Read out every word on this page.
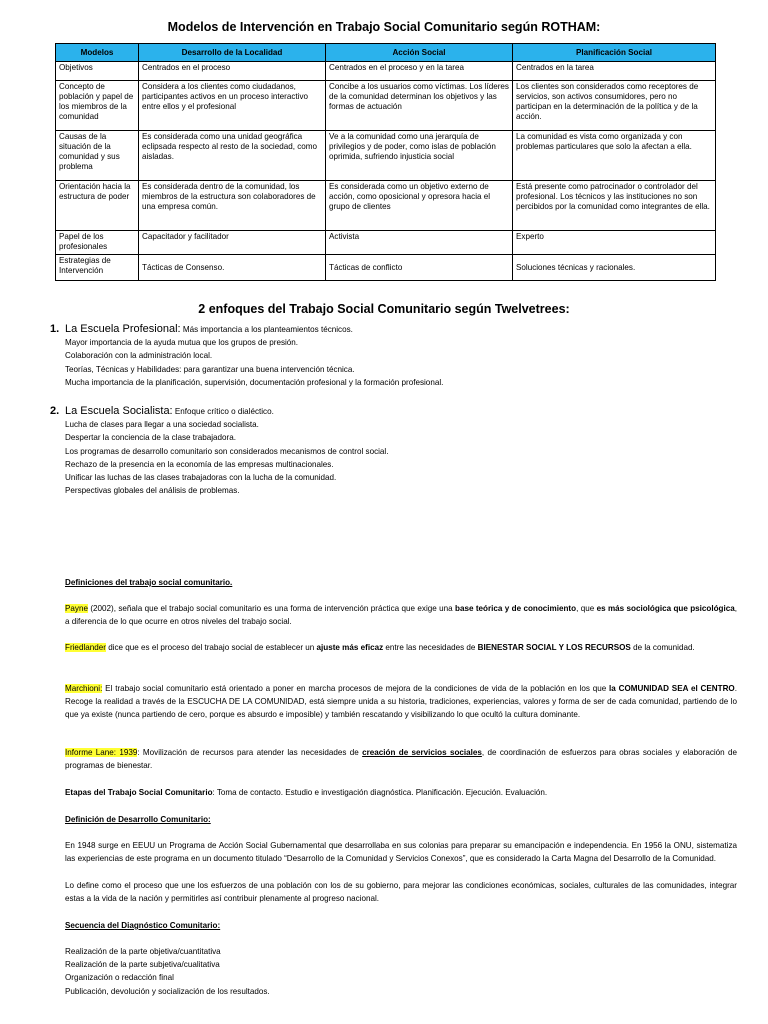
Modelos de Intervención en Trabajo Social Comunitario según ROTHAM:
Modelos	Desarrollo de la Localidad	Acción Social	Planificación Social
Objetivos	Centrados en el proceso	Centrados en el proceso y en la tarea	Centrados en la tarea
Concepto de población y papel de los miembros de la comunidad	Considera a los clientes como ciudadanos, participantes activos en un proceso interactivo entre ellos y el profesional	Concibe a los usuarios como víctimas. Los líderes de la comunidad determinan los objetivos y las formas de actuación	Los clientes son considerados como receptores de servicios, son activos consumidores, pero no participan en la determinación de la política y de la acción.
Causas de la situación de la comunidad y sus problema	Es considerada como una unidad geográfica eclipsada respecto al resto de la sociedad, como aisladas.	Ve a la comunidad como una jerarquía de privilegios y de poder, como islas de población oprimida, sufriendo injusticia social	La comunidad es vista como organizada y con problemas particulares que solo la afectan a ella.
Orientación hacia la estructura de poder	Es considerada dentro de la comunidad, los miembros de la estructura son colaboradores de una empresa común.	Es considerada como un objetivo externo de acción, como oposicional y opresora hacia el grupo de clientes	Está presente como patrocinador o controlador del profesional. Los técnicos y las instituciones no son percibidos por la comunidad como integrantes de ella.
Papel de los profesionales	Capacitador y facilitador	Activista	Experto
Estrategias de Intervención	Tácticas de Consenso.	Tácticas de conflicto	Soluciones técnicas y racionales.
2 enfoques del Trabajo Social Comunitario según Twelvetrees:
1. La Escuela Profesional: Más importancia a los planteamientos técnicos.
Mayor importancia de la ayuda mutua que los grupos de presión.
Colaboración con la administración local.
Teorías, Técnicas y Habilidades: para garantizar una buena intervención técnica.
Mucha importancia de la planificación, supervisión, documentación profesional y la formación profesional.
2. La Escuela Socialista: Enfoque crítico o dialéctico.
Lucha de clases para llegar a una sociedad socialista.
Despertar la conciencia de la clase trabajadora.
Los programas de desarrollo comunitario son considerados mecanismos de control social.
Rechazo de la presencia en la economía de las empresas multinacionales.
Unificar las luchas de las clases trabajadoras con la lucha de la comunidad.
Perspectivas globales del análisis de problemas.
Definiciones del trabajo social comunitario.

Payne (2002), señala que el trabajo social comunitario es una forma de intervención práctica que exige una base teórica y de conocimiento, que es más sociológica que psicológica, a diferencia de lo que ocurre en otros niveles del trabajo social.

Friedlander dice que es el proceso del trabajo social de establecer un ajuste más eficaz entre las necesidades de BIENESTAR SOCIAL Y LOS RECURSOS de la comunidad.

Marchioni: El trabajo social comunitario está orientado a poner en marcha procesos de mejora de la condiciones de vida de la población en los que la COMUNIDAD SEA el CENTRO. Recoge la realidad a través de la ESCUCHA DE LA COMUNIDAD, está siempre unida a su historia, tradiciones, experiencias, valores y forma de ser de cada comunidad, partiendo de lo que ya existe (nunca partiendo de cero, porque es absurdo e imposible) y también rescatando y visibilizando lo que ocultó la cultura dominante.

Informe Lane: 1939: Movilización de recursos para atender las necesidades de creación de servicios sociales, de coordinación de esfuerzos para obras sociales y elaboración de programas de bienestar.

Etapas del Trabajo Social Comunitario: Toma de contacto. Estudio e investigación diagnóstica. Planificación. Ejecución. Evaluación.

Definición de Desarrollo Comunitario:

En 1948 surge en EEUU un Programa de Acción Social Gubernamental que desarrollaba en sus colonias para preparar su emancipación e independencia. En 1956 la ONU, sistematiza las experiencias de este programa en un documento titulado “Desarrollo de la Comunidad y Servicios Conexos”, que es considerado la Carta Magna del Desarrollo de la Comunidad.

Lo define como el proceso que une los esfuerzos de una población con los de su gobierno, para mejorar las condiciones económicas, sociales, culturales de las comunidades, integrar estas a la vida de la nación y permitirles así contribuir plenamente al progreso nacional.

Secuencia del Diagnóstico Comunitario:
Realización de la parte objetiva/cuantitativa
Realización de la parte subjetiva/cualitativa
Organización o redacción final
Publicación, devolución y socialización de los resultados.
